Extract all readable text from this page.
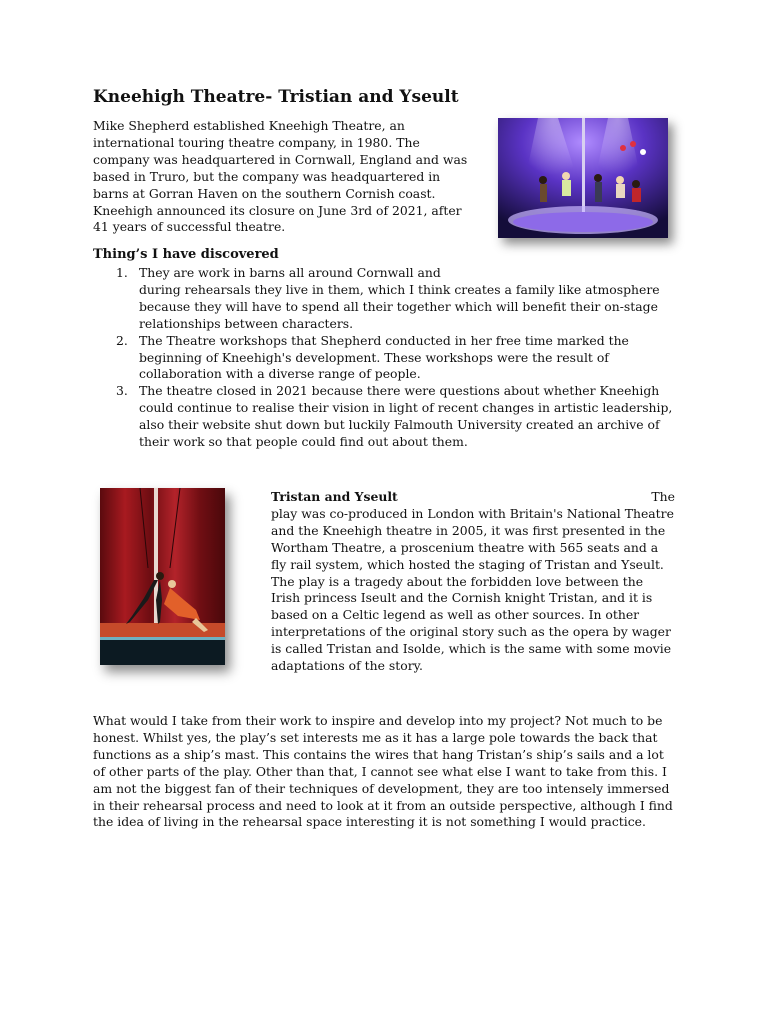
Kneehigh Theatre- Tristian and Yseult

Mike Shepherd established Kneehigh Theatre, an international touring theatre company, in 1980. The company was headquartered in Cornwall, England and was based in Truro, but the company was headquartered in barns at Gorran Haven on the southern Cornish coast. Kneehigh announced its closure on June 3rd of 2021, after 41 years of successful theatre.

Thing’s I have discovered

1. They are work in barns all around Cornwall and
during rehearsals they live in them, which I think creates a family like atmosphere because they will have to spend all their together which will benefit their on-stage relationships between characters.
2. The Theatre workshops that Shepherd conducted in her free time marked the beginning of Kneehigh's development. These workshops were the result of collaboration with a diverse range of people.
3. The theatre closed in 2021 because there were questions about whether Kneehigh could continue to realise their vision in light of recent changes in artistic leadership, also their website shut down but luckily Falmouth University created an archive of their work so that people could find out about them.
Tristan and Yseult	The
play was co-produced in London with Britain's National Theatre and the Kneehigh theatre in 2005, it was first presented in the Wortham Theatre, a proscenium theatre with 565 seats and a fly rail system, which hosted the staging of Tristan and Yseult. The play is a tragedy about the forbidden love between the Irish princess Iseult and the Cornish knight Tristan, and it is based on a Celtic legend as well as other sources. In other interpretations of the original story such as the opera by wager is called Tristan and Isolde, which is the same with some movie adaptations of the story.

What would I take from their work to inspire and develop into my project? Not much to be honest. Whilst yes, the play’s set interests me as it has a large pole towards the back that functions as a ship’s mast. This contains the wires that hang Tristan’s ship’s sails and a lot of other parts of the play. Other than that, I cannot see what else I want to take from this. I am not the biggest fan of their techniques of development, they are too intensely immersed in their rehearsal process and need to look at it from an outside perspective, although I find the idea of living in the rehearsal space interesting it is not something I would practice.
